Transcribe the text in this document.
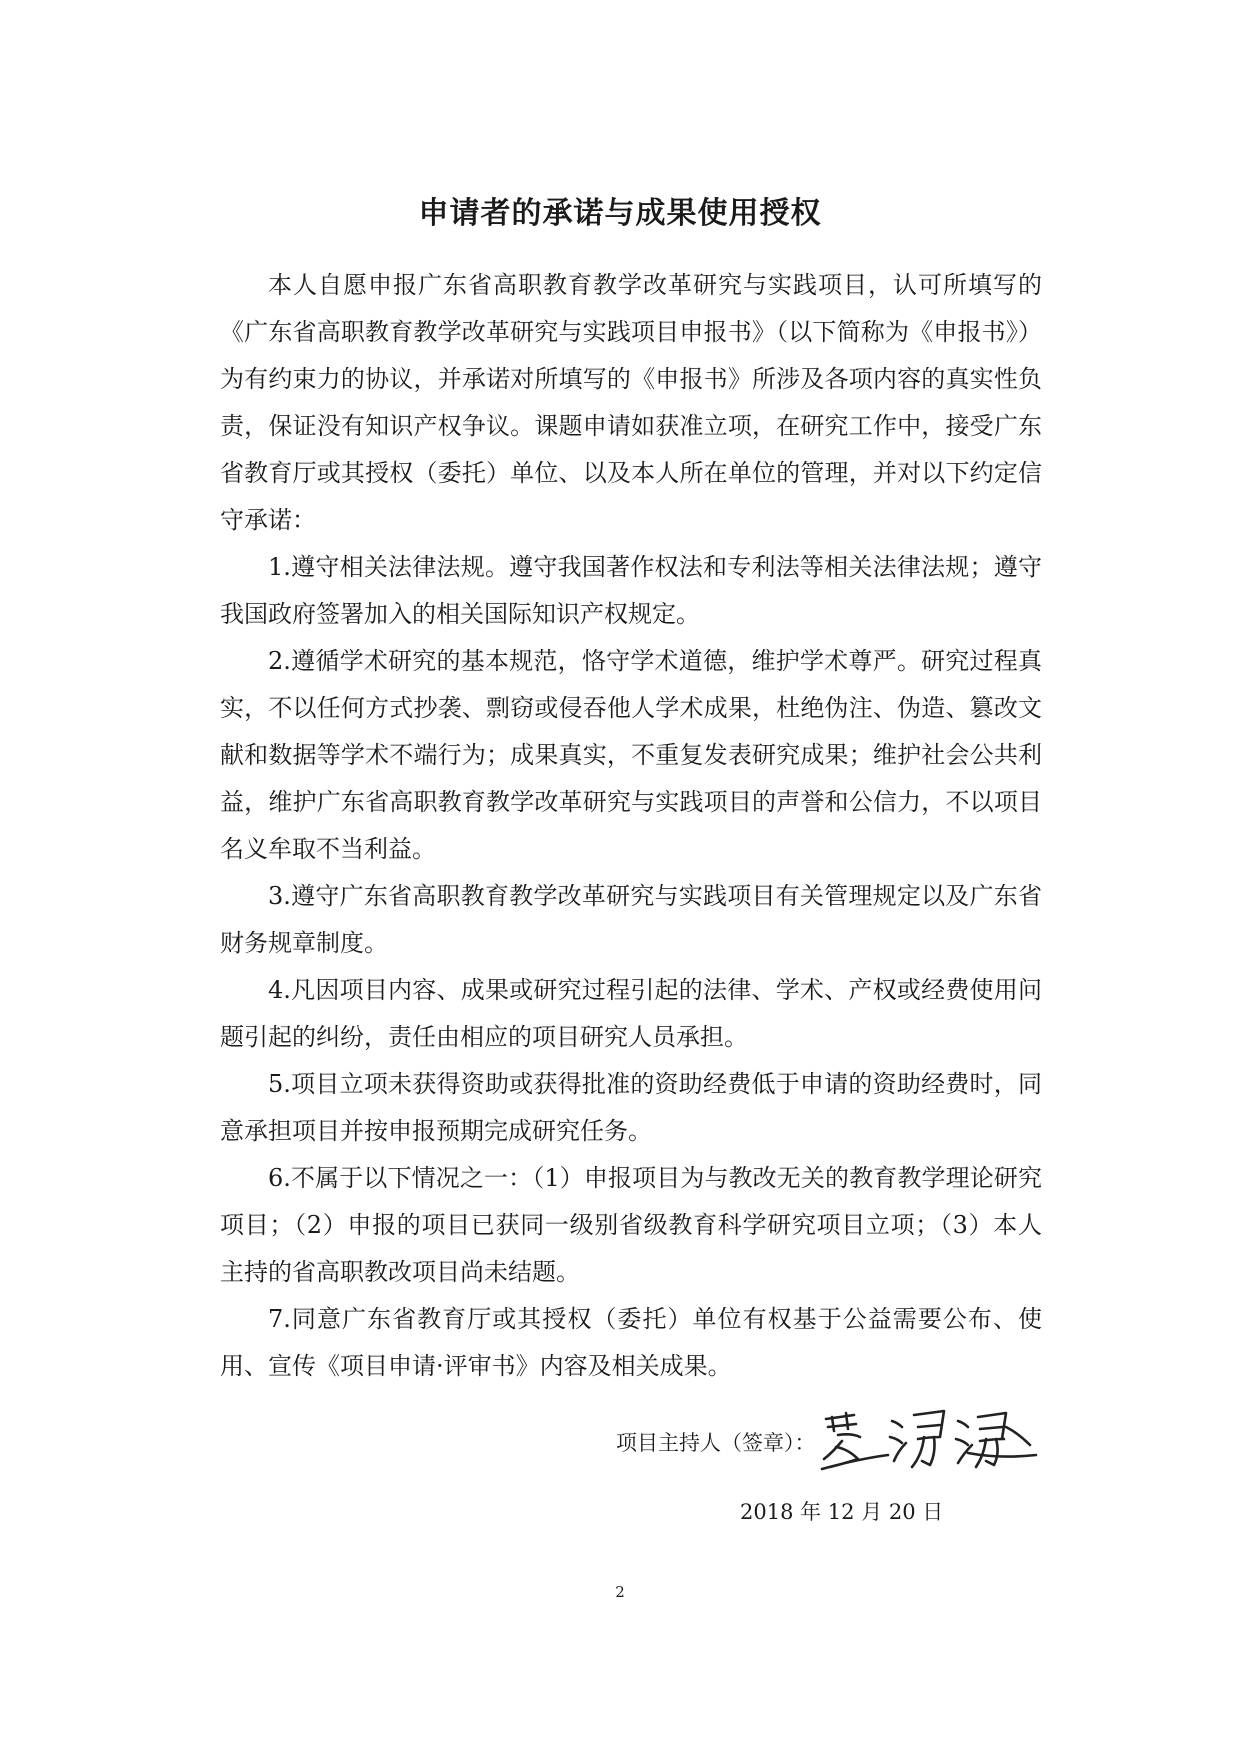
申请者的承诺与成果使用授权

本人自愿申报广东省高职教育教学改革研究与实践项目，认可所填写的《广东省高职教育教学改革研究与实践项目申报书》（以下简称为《申报书》）为有约束力的协议，并承诺对所填写的《申报书》所涉及各项内容的真实性负责，保证没有知识产权争议。课题申请如获准立项，在研究工作中，接受广东省教育厅或其授权（委托）单位、以及本人所在单位的管理，并对以下约定信守承诺：

1.遵守相关法律法规。遵守我国著作权法和专利法等相关法律法规；遵守我国政府签署加入的相关国际知识产权规定。

2.遵循学术研究的基本规范，恪守学术道德，维护学术尊严。研究过程真实，不以任何方式抄袭、剽窃或侵吞他人学术成果，杜绝伪注、伪造、篡改文献和数据等学术不端行为；成果真实，不重复发表研究成果；维护社会公共利益，维护广东省高职教育教学改革研究与实践项目的声誉和公信力，不以项目名义牟取不当利益。

3.遵守广东省高职教育教学改革研究与实践项目有关管理规定以及广东省财务规章制度。

4.凡因项目内容、成果或研究过程引起的法律、学术、产权或经费使用问题引起的纠纷，责任由相应的项目研究人员承担。

5.项目立项未获得资助或获得批准的资助经费低于申请的资助经费时，同意承担项目并按申报预期完成研究任务。

6.不属于以下情况之一：（1）申报项目为与教改无关的教育教学理论研究项目；（2）申报的项目已获同一级别省级教育科学研究项目立项；（3）本人主持的省高职教改项目尚未结题。

7.同意广东省教育厅或其授权（委托）单位有权基于公益需要公布、使用、宣传《项目申请·评审书》内容及相关成果。

项目主持人（签章）：
2018 年 12 月 20 日
2
